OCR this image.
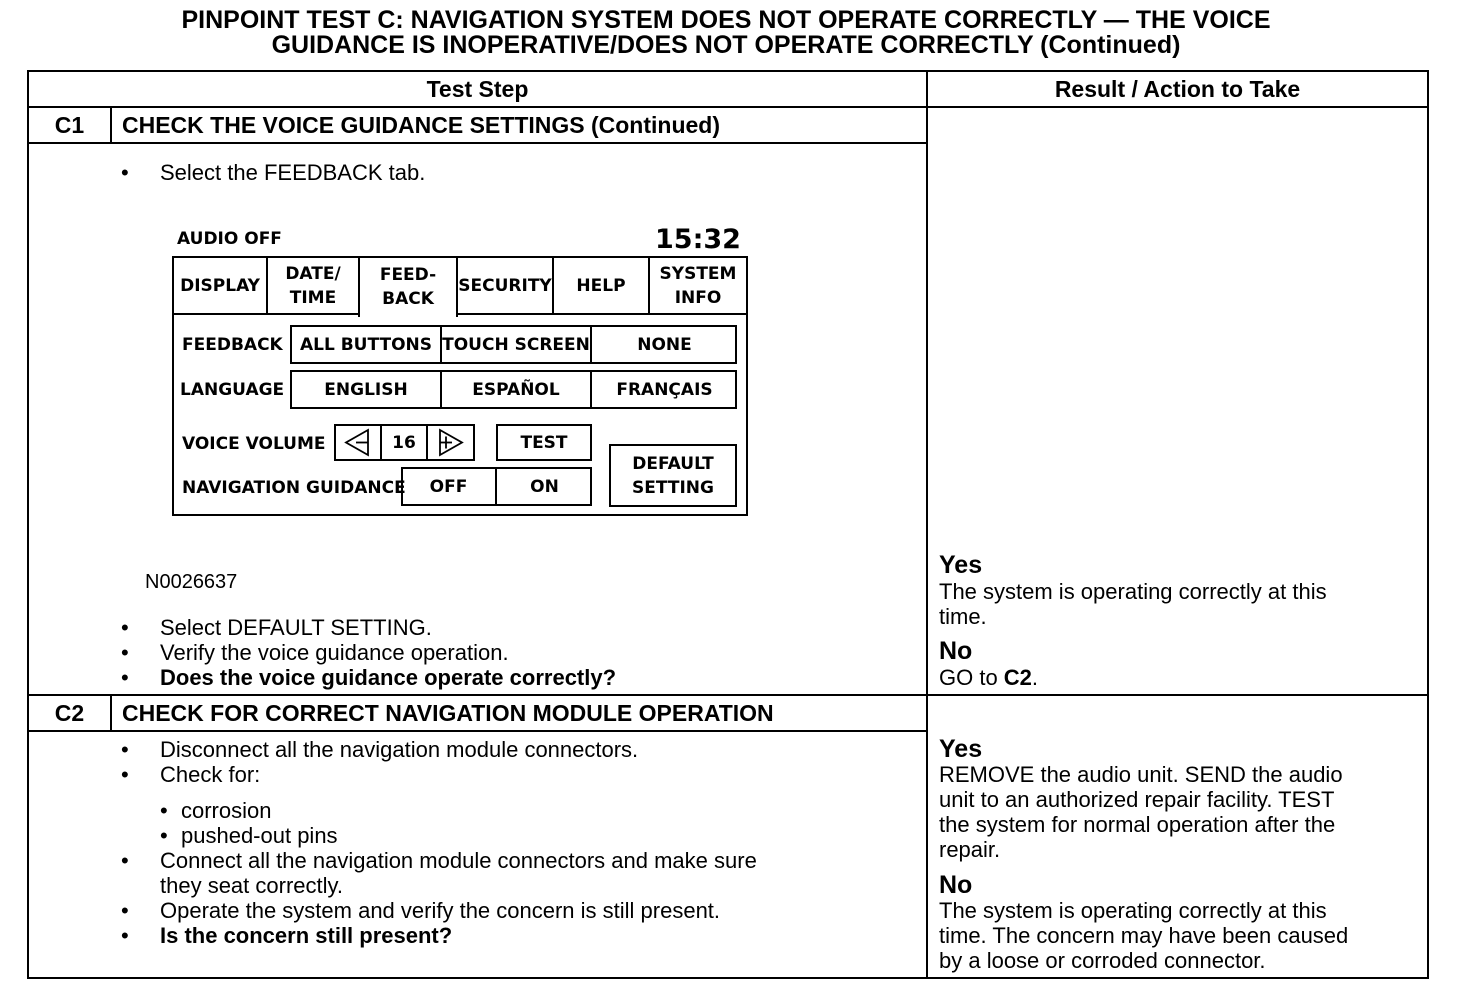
PINPOINT TEST C: NAVIGATION SYSTEM DOES NOT OPERATE CORRECTLY — THE VOICE
GUIDANCE IS INOPERATIVE/DOES NOT OPERATE CORRECTLY (Continued)
Test Step	Result / Action to Take
C1	CHECK THE VOICE GUIDANCE SETTINGS (Continued)
• Select the FEEDBACK tab.
AUDIO OFF	15:32
DISPLAY
DATE/
TIME
FEED-
BACK
SECURITY	HELP
SYSTEM
INFO
FEEDBACK	ALL BUTTONS TOUCH SCREEN	NONE
LANGUAGE	ENGLISH	ESPAÑOL	FRANÇAIS
VOICE VOLUME	16	TEST
DEFAULT
SETTING
NAVIGATION GUIDANCE	OFF	ON
N0026637
• Select DEFAULT SETTING.
• Verify the voice guidance operation.
• Does the voice guidance operate correctly?
Yes
The system is operating correctly at this
time.
No
GO to C2.
C2	CHECK FOR CORRECT NAVIGATION MODULE OPERATION
• Disconnect all the navigation module connectors.
• Check for:
• corrosion
• pushed-out pins
• Connect all the navigation module connectors and make sure
they seat correctly.
• Operate the system and verify the concern is still present.
• Is the concern still present?
Yes
REMOVE the audio unit. SEND the audio
unit to an authorized repair facility. TEST
the system for normal operation after the
repair.
No
The system is operating correctly at this
time. The concern may have been caused
by a loose or corroded connector.
